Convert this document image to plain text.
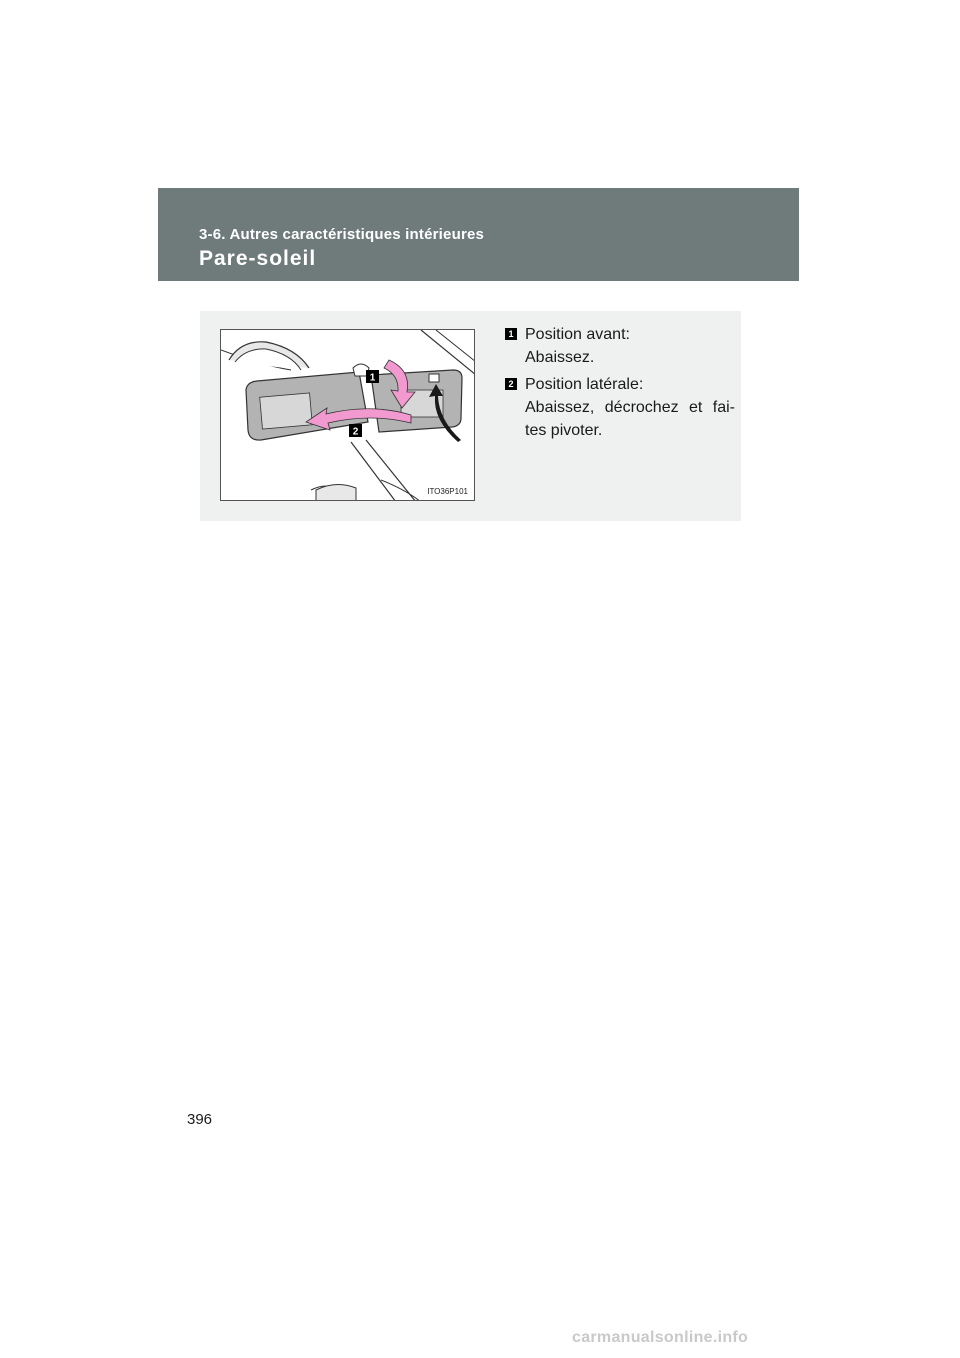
3-6. Autres caractéristiques intérieures
Pare-soleil
1
2
ITO36P101
1 Position avant:
Abaissez.
2 Position latérale:
Abaissez, décrochez et fai-tes pivoter.
396
carmanualsonline.info
